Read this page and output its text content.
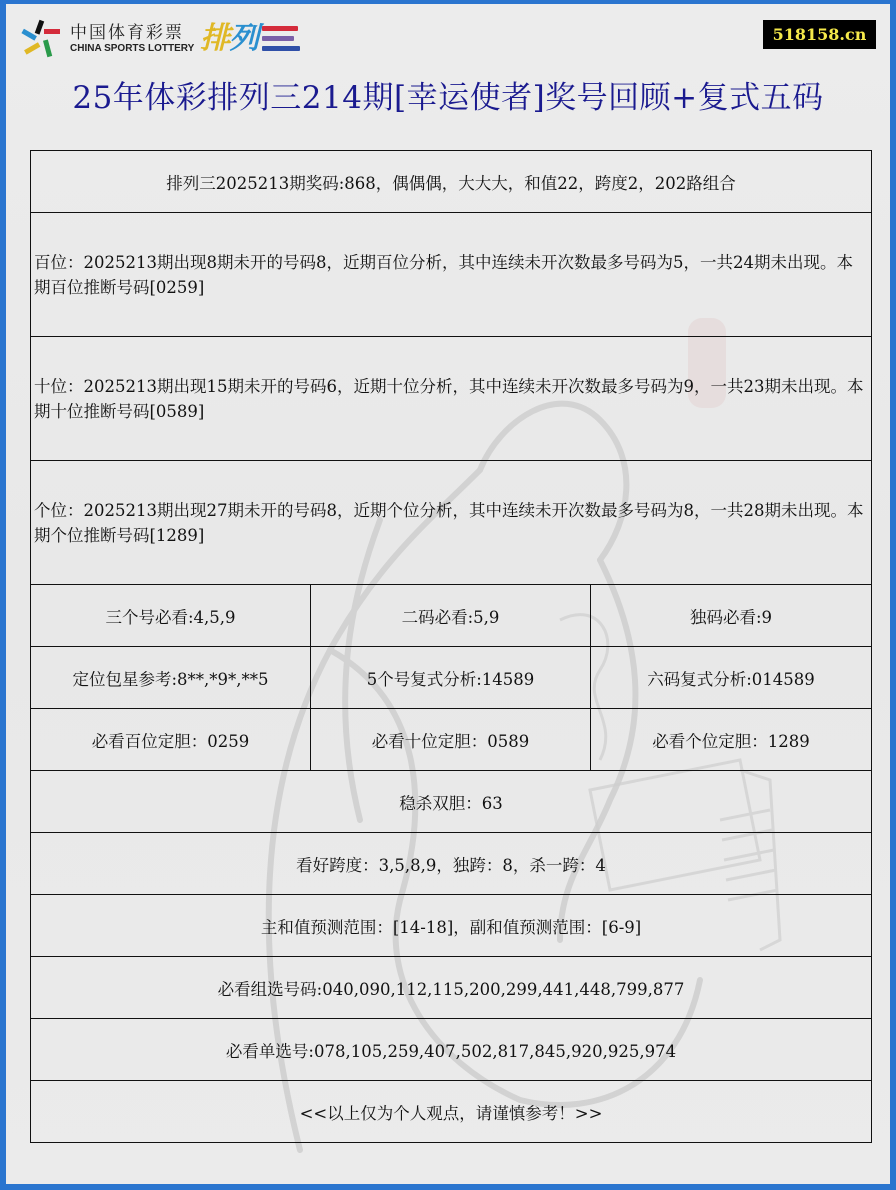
中国体育彩票
CHINA SPORTS LOTTERY 排 列	518158.cn
25年体彩排列三214期[幸运使者]奖号回顾+复式五码
排列三2025213期奖码:868，偶偶偶，大大大，和值22，跨度2，202路组合		
百位：2025213期出现8期未开的号码8，近期百位分析，其中连续未开次数最多号码为5，一共24期未出现。本期百位推断号码[0259]		
十位：2025213期出现15期未开的号码6，近期十位分析，其中连续未开次数最多号码为9，一共23期未出现。本期十位推断号码[0589]		
个位：2025213期出现27期未开的号码8，近期个位分析，其中连续未开次数最多号码为8，一共28期未出现。本期个位推断号码[1289]		
三个号必看:4,5,9	二码必看:5,9	独码必看:9
定位包星参考:8**,*9*,**5	5个号复式分析:14589	六码复式分析:014589
必看百位定胆：0259	必看十位定胆：0589	必看个位定胆：1289
稳杀双胆：63		
看好跨度：3,5,8,9，独跨：8，杀一跨：4		
主和值预测范围：[14-18]，副和值预测范围：[6-9]		
必看组选号码:040,090,112,115,200,299,441,448,799,877		
必看单选号:078,105,259,407,502,817,845,920,925,974		
<<以上仅为个人观点，请谨慎参考！>>		
